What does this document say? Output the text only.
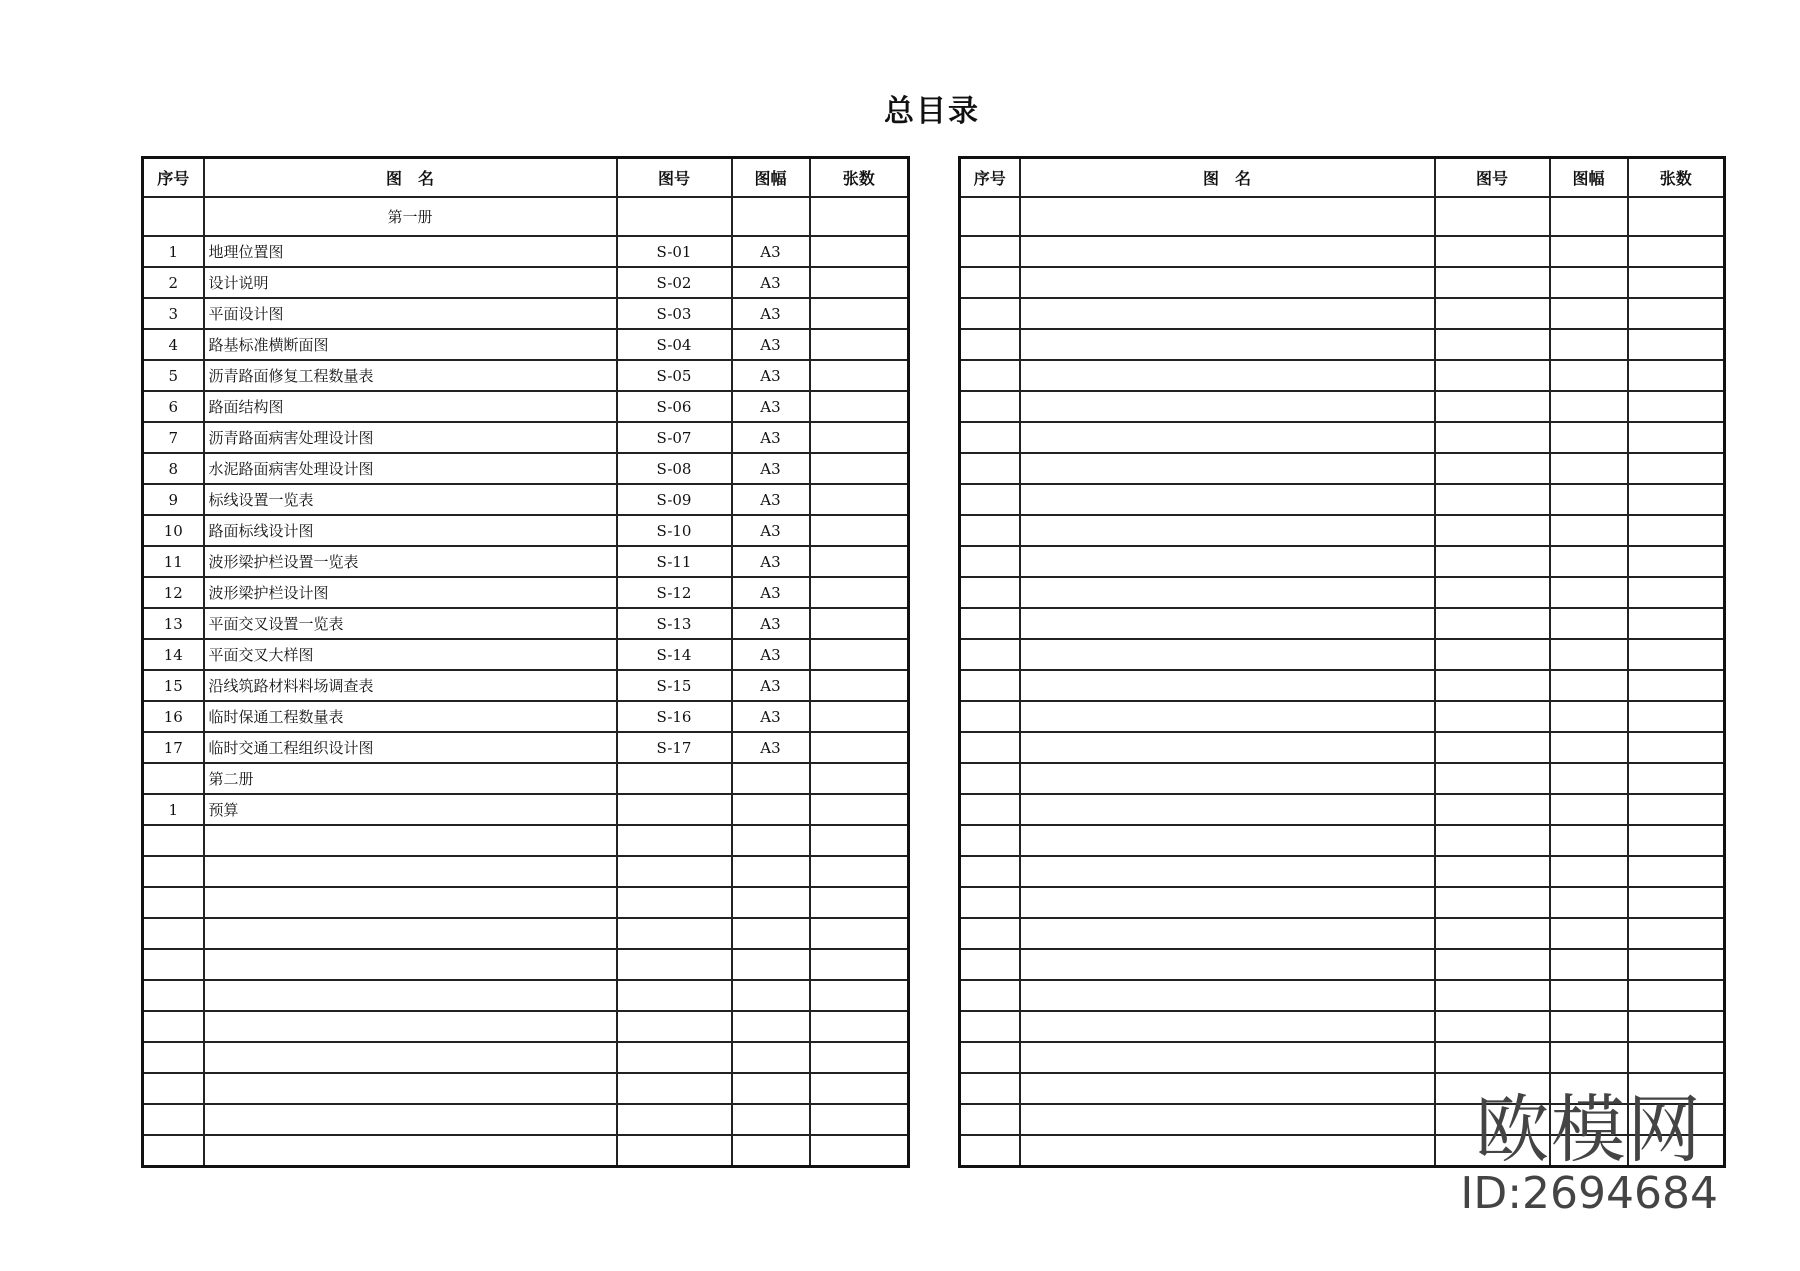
总目录
序号	图　名	图号	图幅	张数
	第一册			
1	地理位置图	S-01	A3	
2	设计说明	S-02	A3	
3	平面设计图	S-03	A3	
4	路基标准横断面图	S-04	A3	
5	沥青路面修复工程数量表	S-05	A3	
6	路面结构图	S-06	A3	
7	沥青路面病害处理设计图	S-07	A3	
8	水泥路面病害处理设计图	S-08	A3	
9	标线设置一览表	S-09	A3	
10	路面标线设计图	S-10	A3	
11	波形梁护栏设置一览表	S-11	A3	
12	波形梁护栏设计图	S-12	A3	
13	平面交叉设置一览表	S-13	A3	
14	平面交叉大样图	S-14	A3	
15	沿线筑路材料料场调查表	S-15	A3	
16	临时保通工程数量表	S-16	A3	
17	临时交通工程组织设计图	S-17	A3	
	第二册			
1	预算			

序号	图　名	图号	图幅	张数

欧模网
ID:2694684
